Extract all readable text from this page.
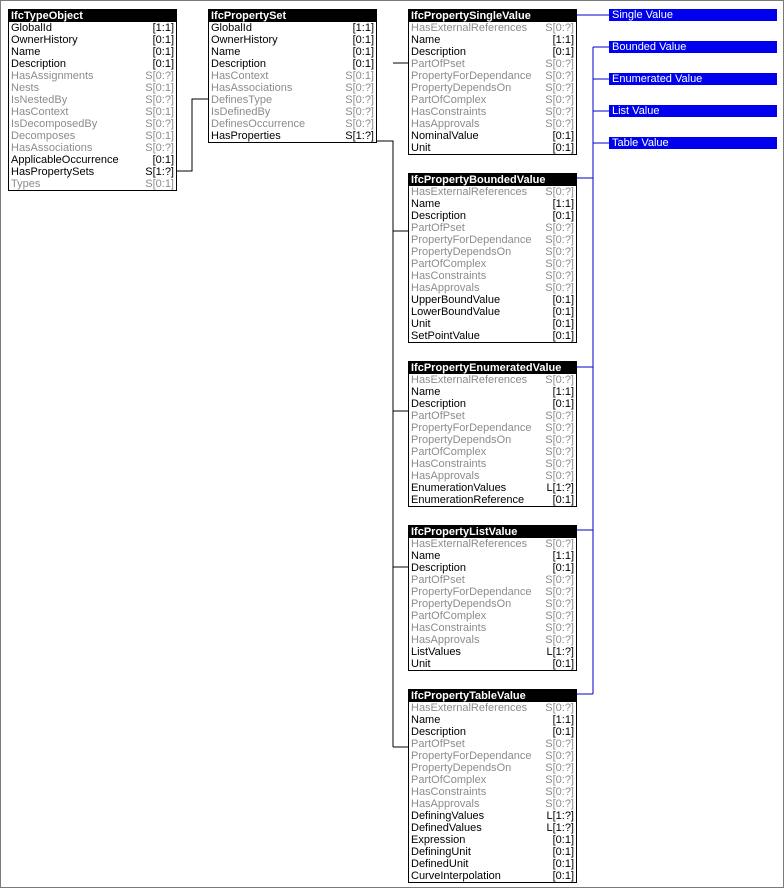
IfcTypeObject
GlobalId	[1:1]
OwnerHistory	[0:1]
Name	[0:1]
Description	[0:1]
HasAssignments	S[0:?]
Nests	S[0:1]
IsNestedBy	S[0:?]
HasContext	S[0:1]
IsDecomposedBy	S[0:?]
Decomposes	S[0:1]
HasAssociations	S[0:?]
ApplicableOccurrence	[0:1]
HasPropertySets	S[1:?]
Types	S[0:1]
IfcPropertySet
GlobalId	[1:1]
OwnerHistory	[0:1]
Name	[0:1]
Description	[0:1]
HasContext	S[0:1]
HasAssociations	S[0:?]
DefinesType	S[0:?]
IsDefinedBy	S[0:?]
DefinesOccurrence	S[0:?]
HasProperties	S[1:?]
IfcPropertySingleValue
HasExternalReferences S[0:?]
Name	[1:1]
Description	[0:1]
PartOfPset	S[0:?]
PropertyForDependance S[0:?]
PropertyDependsOn	S[0:?]
PartOfComplex	S[0:?]
HasConstraints	S[0:?]
HasApprovals	S[0:?]
NominalValue	[0:1]
Unit	[0:1]
IfcPropertyBoundedValue
HasExternalReferences S[0:?]
Name	[1:1]
Description	[0:1]
PartOfPset	S[0:?]
PropertyForDependance S[0:?]
PropertyDependsOn	S[0:?]
PartOfComplex	S[0:?]
HasConstraints	S[0:?]
HasApprovals	S[0:?]
UpperBoundValue	[0:1]
LowerBoundValue	[0:1]
Unit	[0:1]
SetPointValue	[0:1]
IfcPropertyEnumeratedValue
HasExternalReferences S[0:?]
Name	[1:1]
Description	[0:1]
PartOfPset	S[0:?]
PropertyForDependance S[0:?]
PropertyDependsOn	S[0:?]
PartOfComplex	S[0:?]
HasConstraints	S[0:?]
HasApprovals	S[0:?]
EnumerationValues	L[1:?]
EnumerationReference	[0:1]
IfcPropertyListValue
HasExternalReferences S[0:?]
Name	[1:1]
Description	[0:1]
PartOfPset	S[0:?]
PropertyForDependance S[0:?]
PropertyDependsOn	S[0:?]
PartOfComplex	S[0:?]
HasConstraints	S[0:?]
HasApprovals	S[0:?]
ListValues	L[1:?]
Unit	[0:1]
IfcPropertyTableValue
HasExternalReferences S[0:?]
Name	[1:1]
Description	[0:1]
PartOfPset	S[0:?]
PropertyForDependance S[0:?]
PropertyDependsOn	S[0:?]
PartOfComplex	S[0:?]
HasConstraints	S[0:?]
HasApprovals	S[0:?]
DefiningValues	L[1:?]
DefinedValues	L[1:?]
Expression	[0:1]
DefiningUnit	[0:1]
DefinedUnit	[0:1]
CurveInterpolation	[0:1]
Single Value
Bounded Value
Enumerated Value
List Value
Table Value
